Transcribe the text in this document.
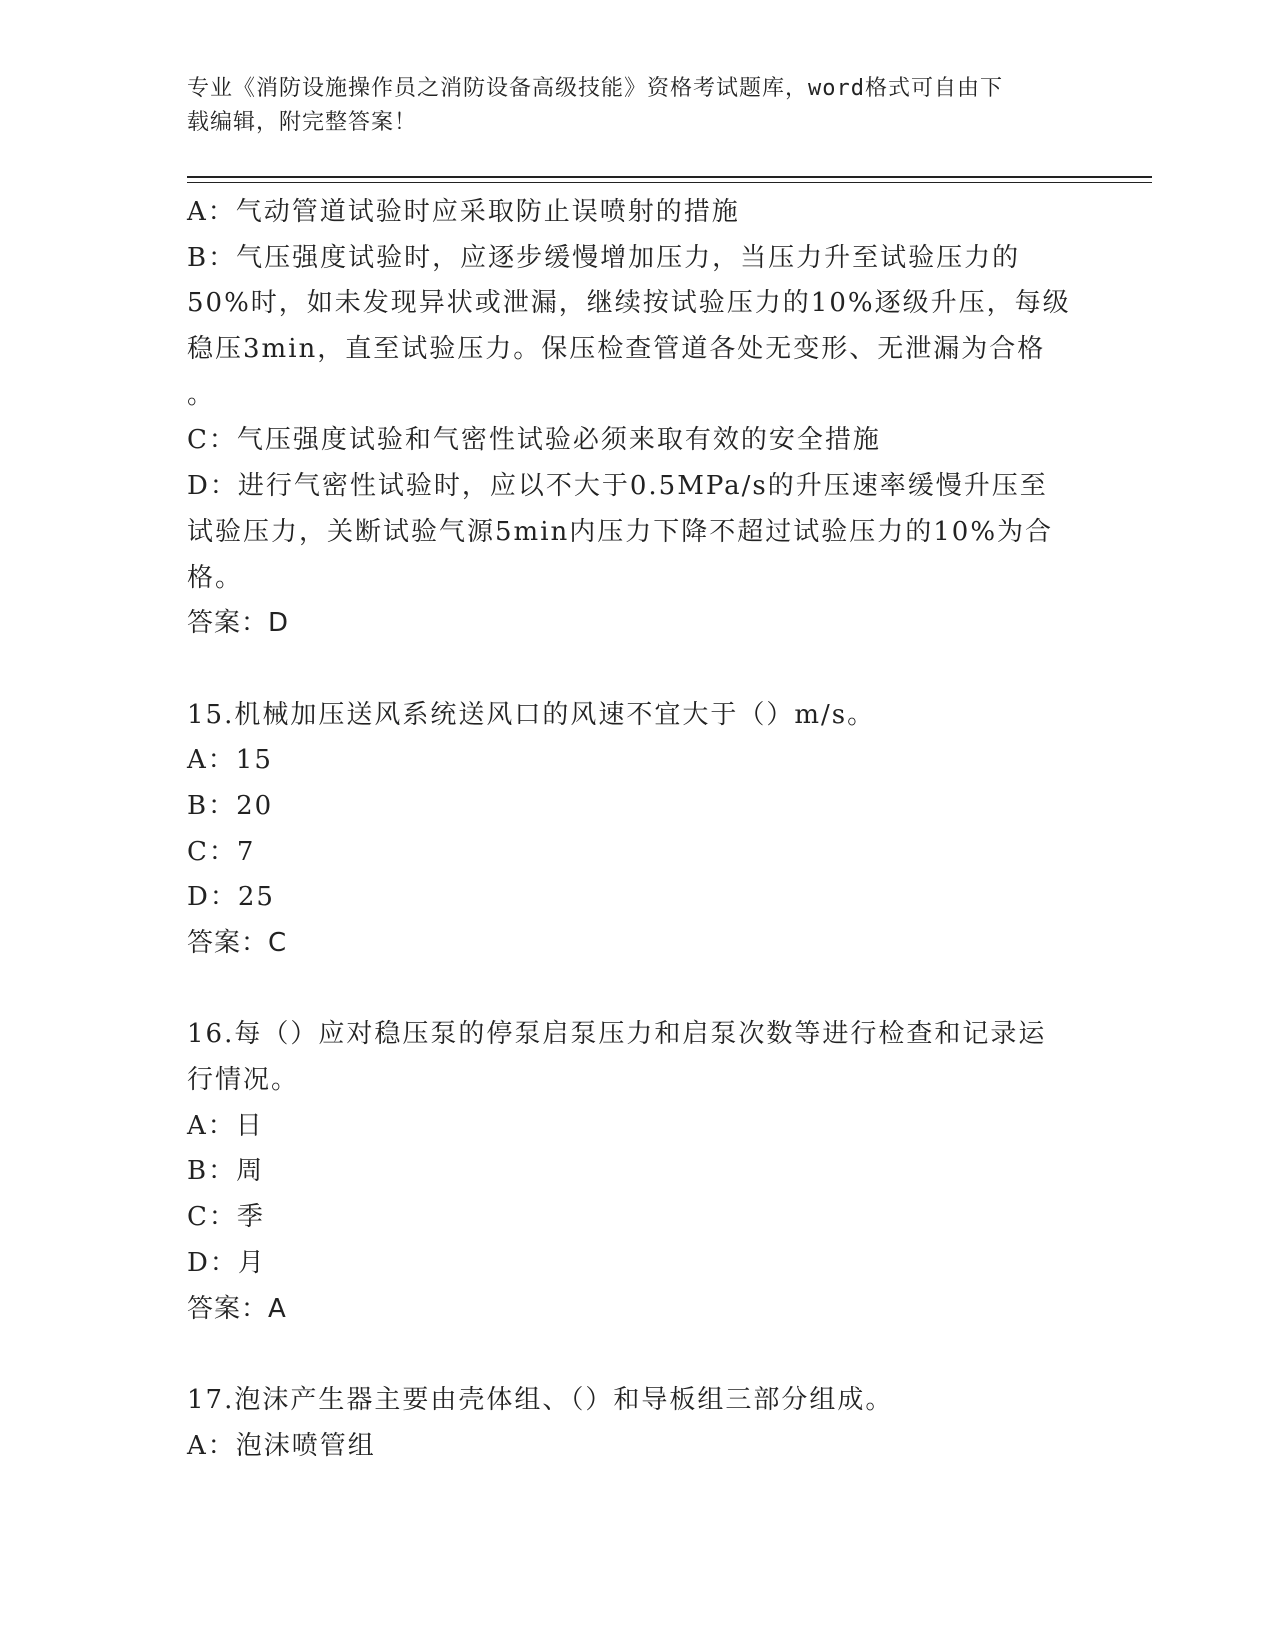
专业《消防设施操作员之消防设备高级技能》资格考试题库，word格式可自由下
载编辑，附完整答案！
A：气动管道试验时应采取防止误喷射的措施
B：气压强度试验时，应逐步缓慢增加压力，当压力升至试验压力的
50%时，如未发现异状或泄漏，继续按试验压力的10%逐级升压，每级
稳压3min，直至试验压力。保压检查管道各处无变形、无泄漏为合格
。
C：气压强度试验和气密性试验必须来取有效的安全措施
D：进行气密性试验时，应以不大于0.5MPa/s的升压速率缓慢升压至
试验压力，关断试验气源5min内压力下降不超过试验压力的10%为合
格。
答案：D
15.机械加压送风系统送风口的风速不宜大于（）m/s。
A：15
B：20
C：7
D：25
答案：C
16.每（）应对稳压泵的停泵启泵压力和启泵次数等进行检查和记录运
行情况。
A：日
B：周
C：季
D：月
答案：A
17.泡沫产生器主要由壳体组、（）和导板组三部分组成。
A：泡沫喷管组
